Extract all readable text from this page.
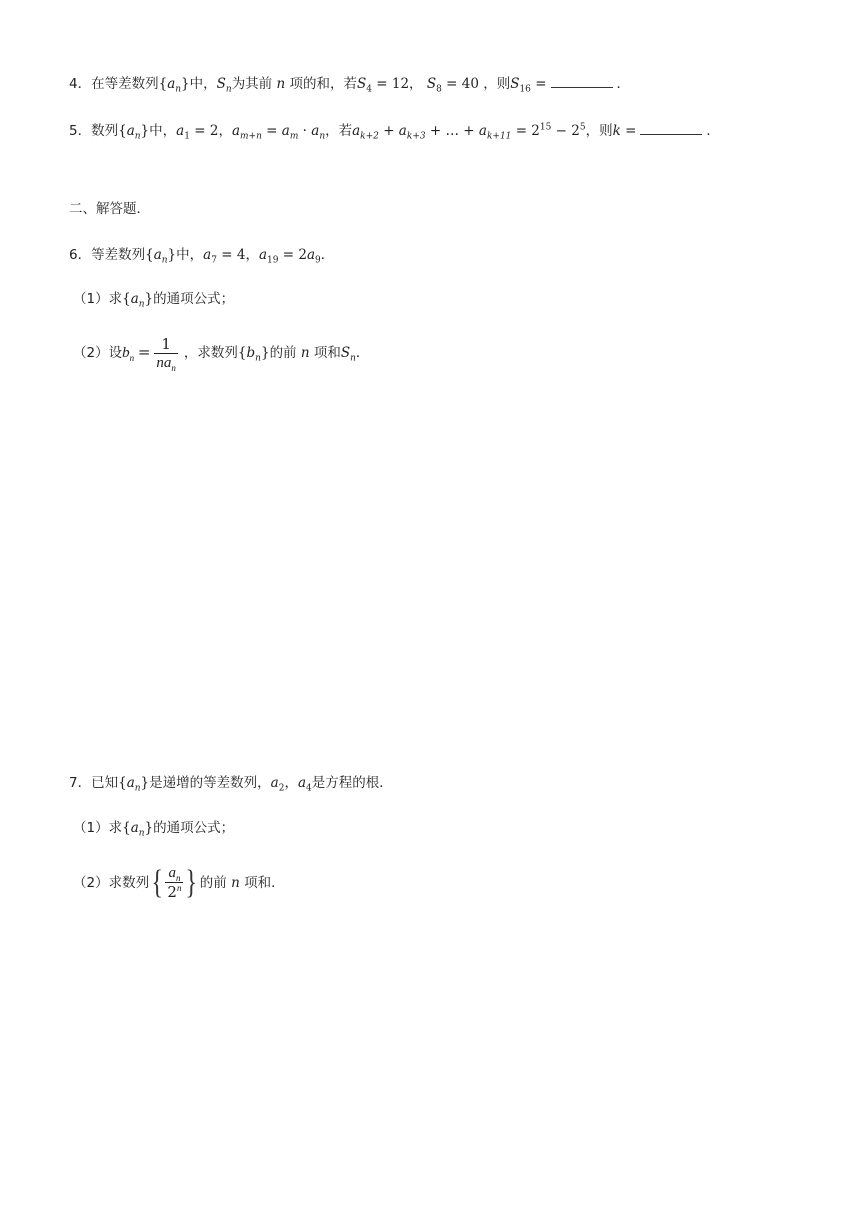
4．在等差数列$\{a_n\}$中，$S_n$为其前 n 项的和，若$S_4 = 12$， $S_8 = 40$ ，则$S_{16}$ =	．
5．数列$\{a_n\}$中，$a_1 = 2$，$a_{m+n} = a_m \cdot a_n$，若$a_{k+2} + a_{k+3}$ + … + $a_{k+11} = 2^{15} - 2^5$，则k =	．
二、解答题．
6．等差数列$\{a_n\}$中，$a_7 = 4$，$a_{19} = 2a_9$．
（1）求$\{a_n\}$的通项公式；
（2）设$b_n = \frac{1}{na_n}$ ，求数列$\{b_n\}$的前 n 项和$S_n$．
7．已知$\{a_n\}$是递增的等差数列，$a_2$，$a_4$是方程的根．
（1）求$\{a_n\}$的通项公式；
（2）求数列{ $\frac{a_n}{2^n}$ } 的前 n 项和．
